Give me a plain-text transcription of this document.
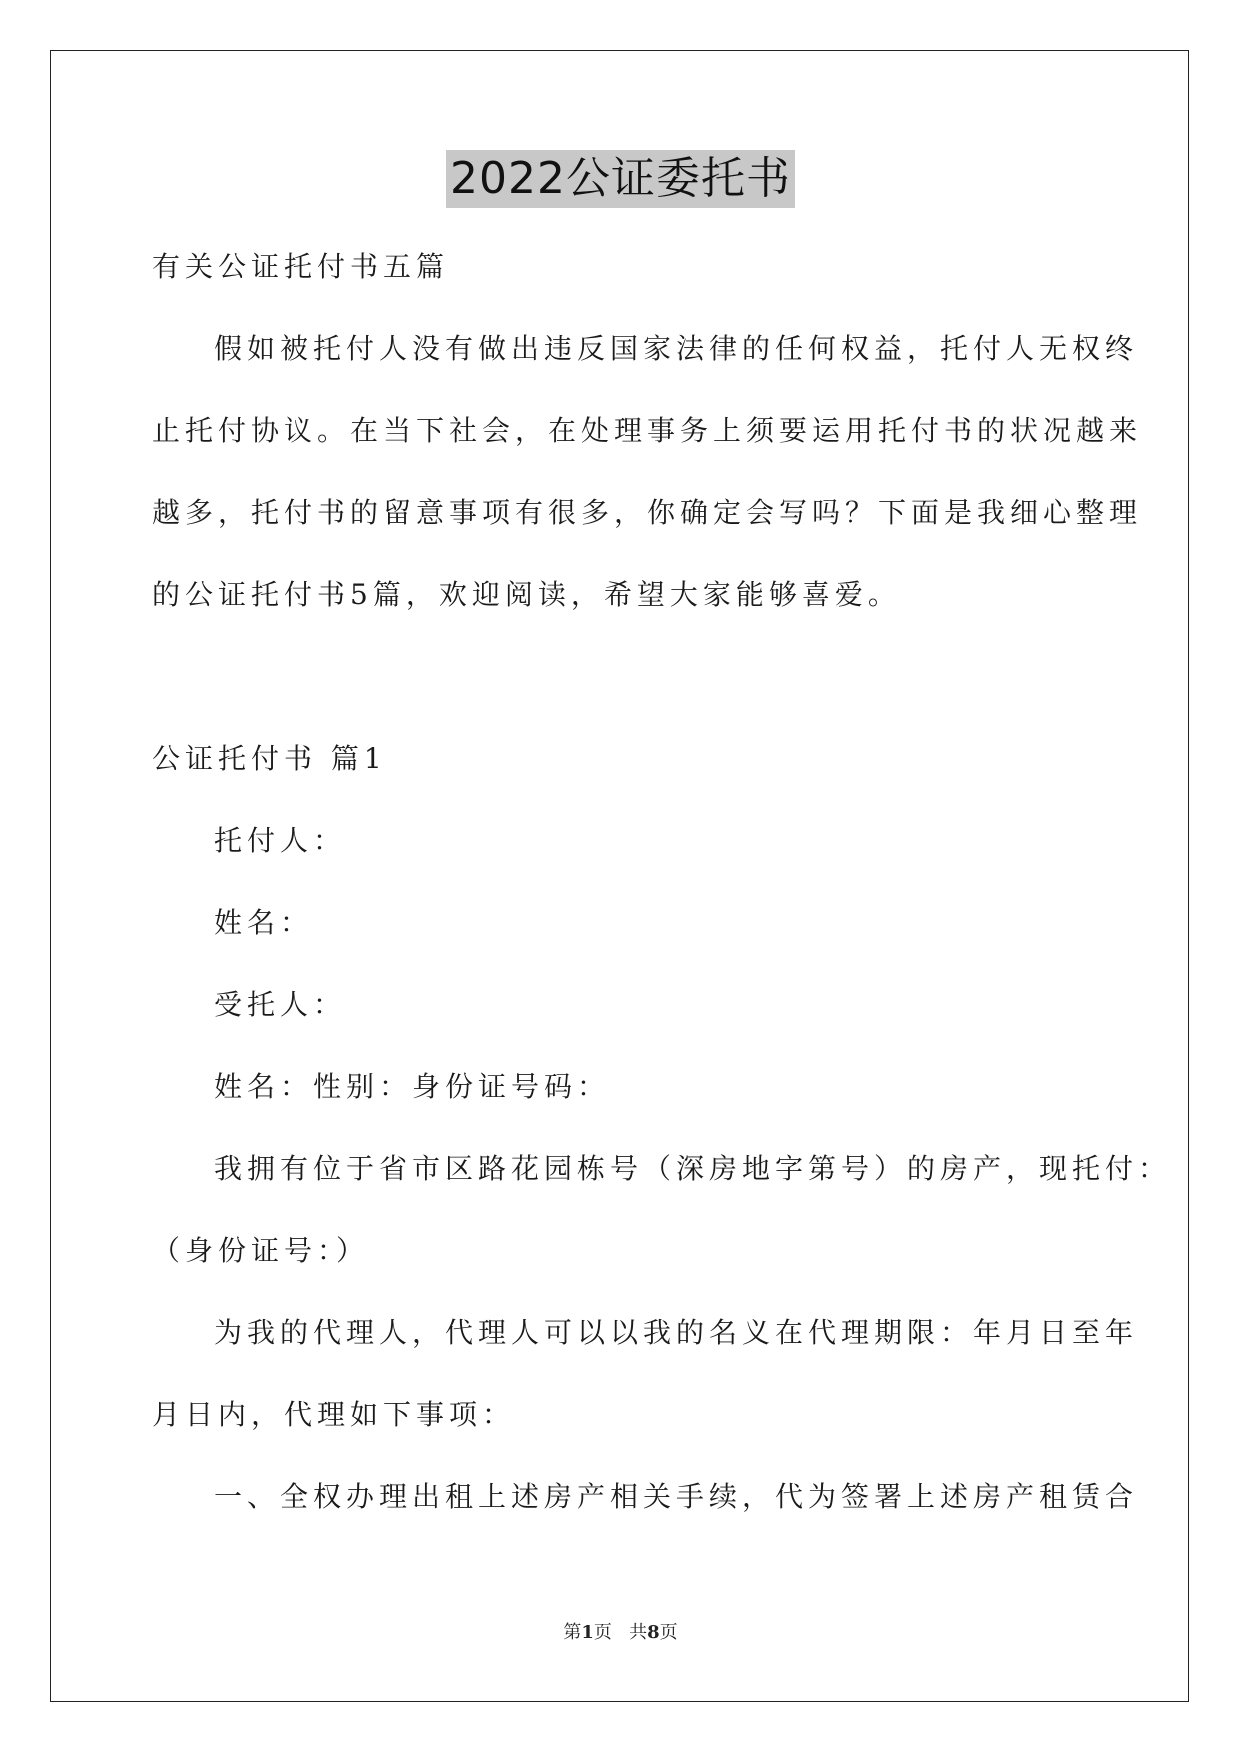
2022公证委托书
有关公证托付书五篇
假如被托付人没有做出违反国家法律的任何权益，托付人无权终
止托付协议。在当下社会，在处理事务上须要运用托付书的状况越来
越多，托付书的留意事项有很多，你确定会写吗？下面是我细心整理
的公证托付书5篇，欢迎阅读，希望大家能够喜爱。
公证托付书 篇1
托付人：
姓名：
受托人：
姓名：性别：身份证号码：
我拥有位于省市区路花园栋号（深房地字第号）的房产，现托付：
（身份证号：）
为我的代理人，代理人可以以我的名义在代理期限：年月日至年
月日内，代理如下事项：
一、全权办理出租上述房产相关手续，代为签署上述房产租赁合
第1页 共8页
